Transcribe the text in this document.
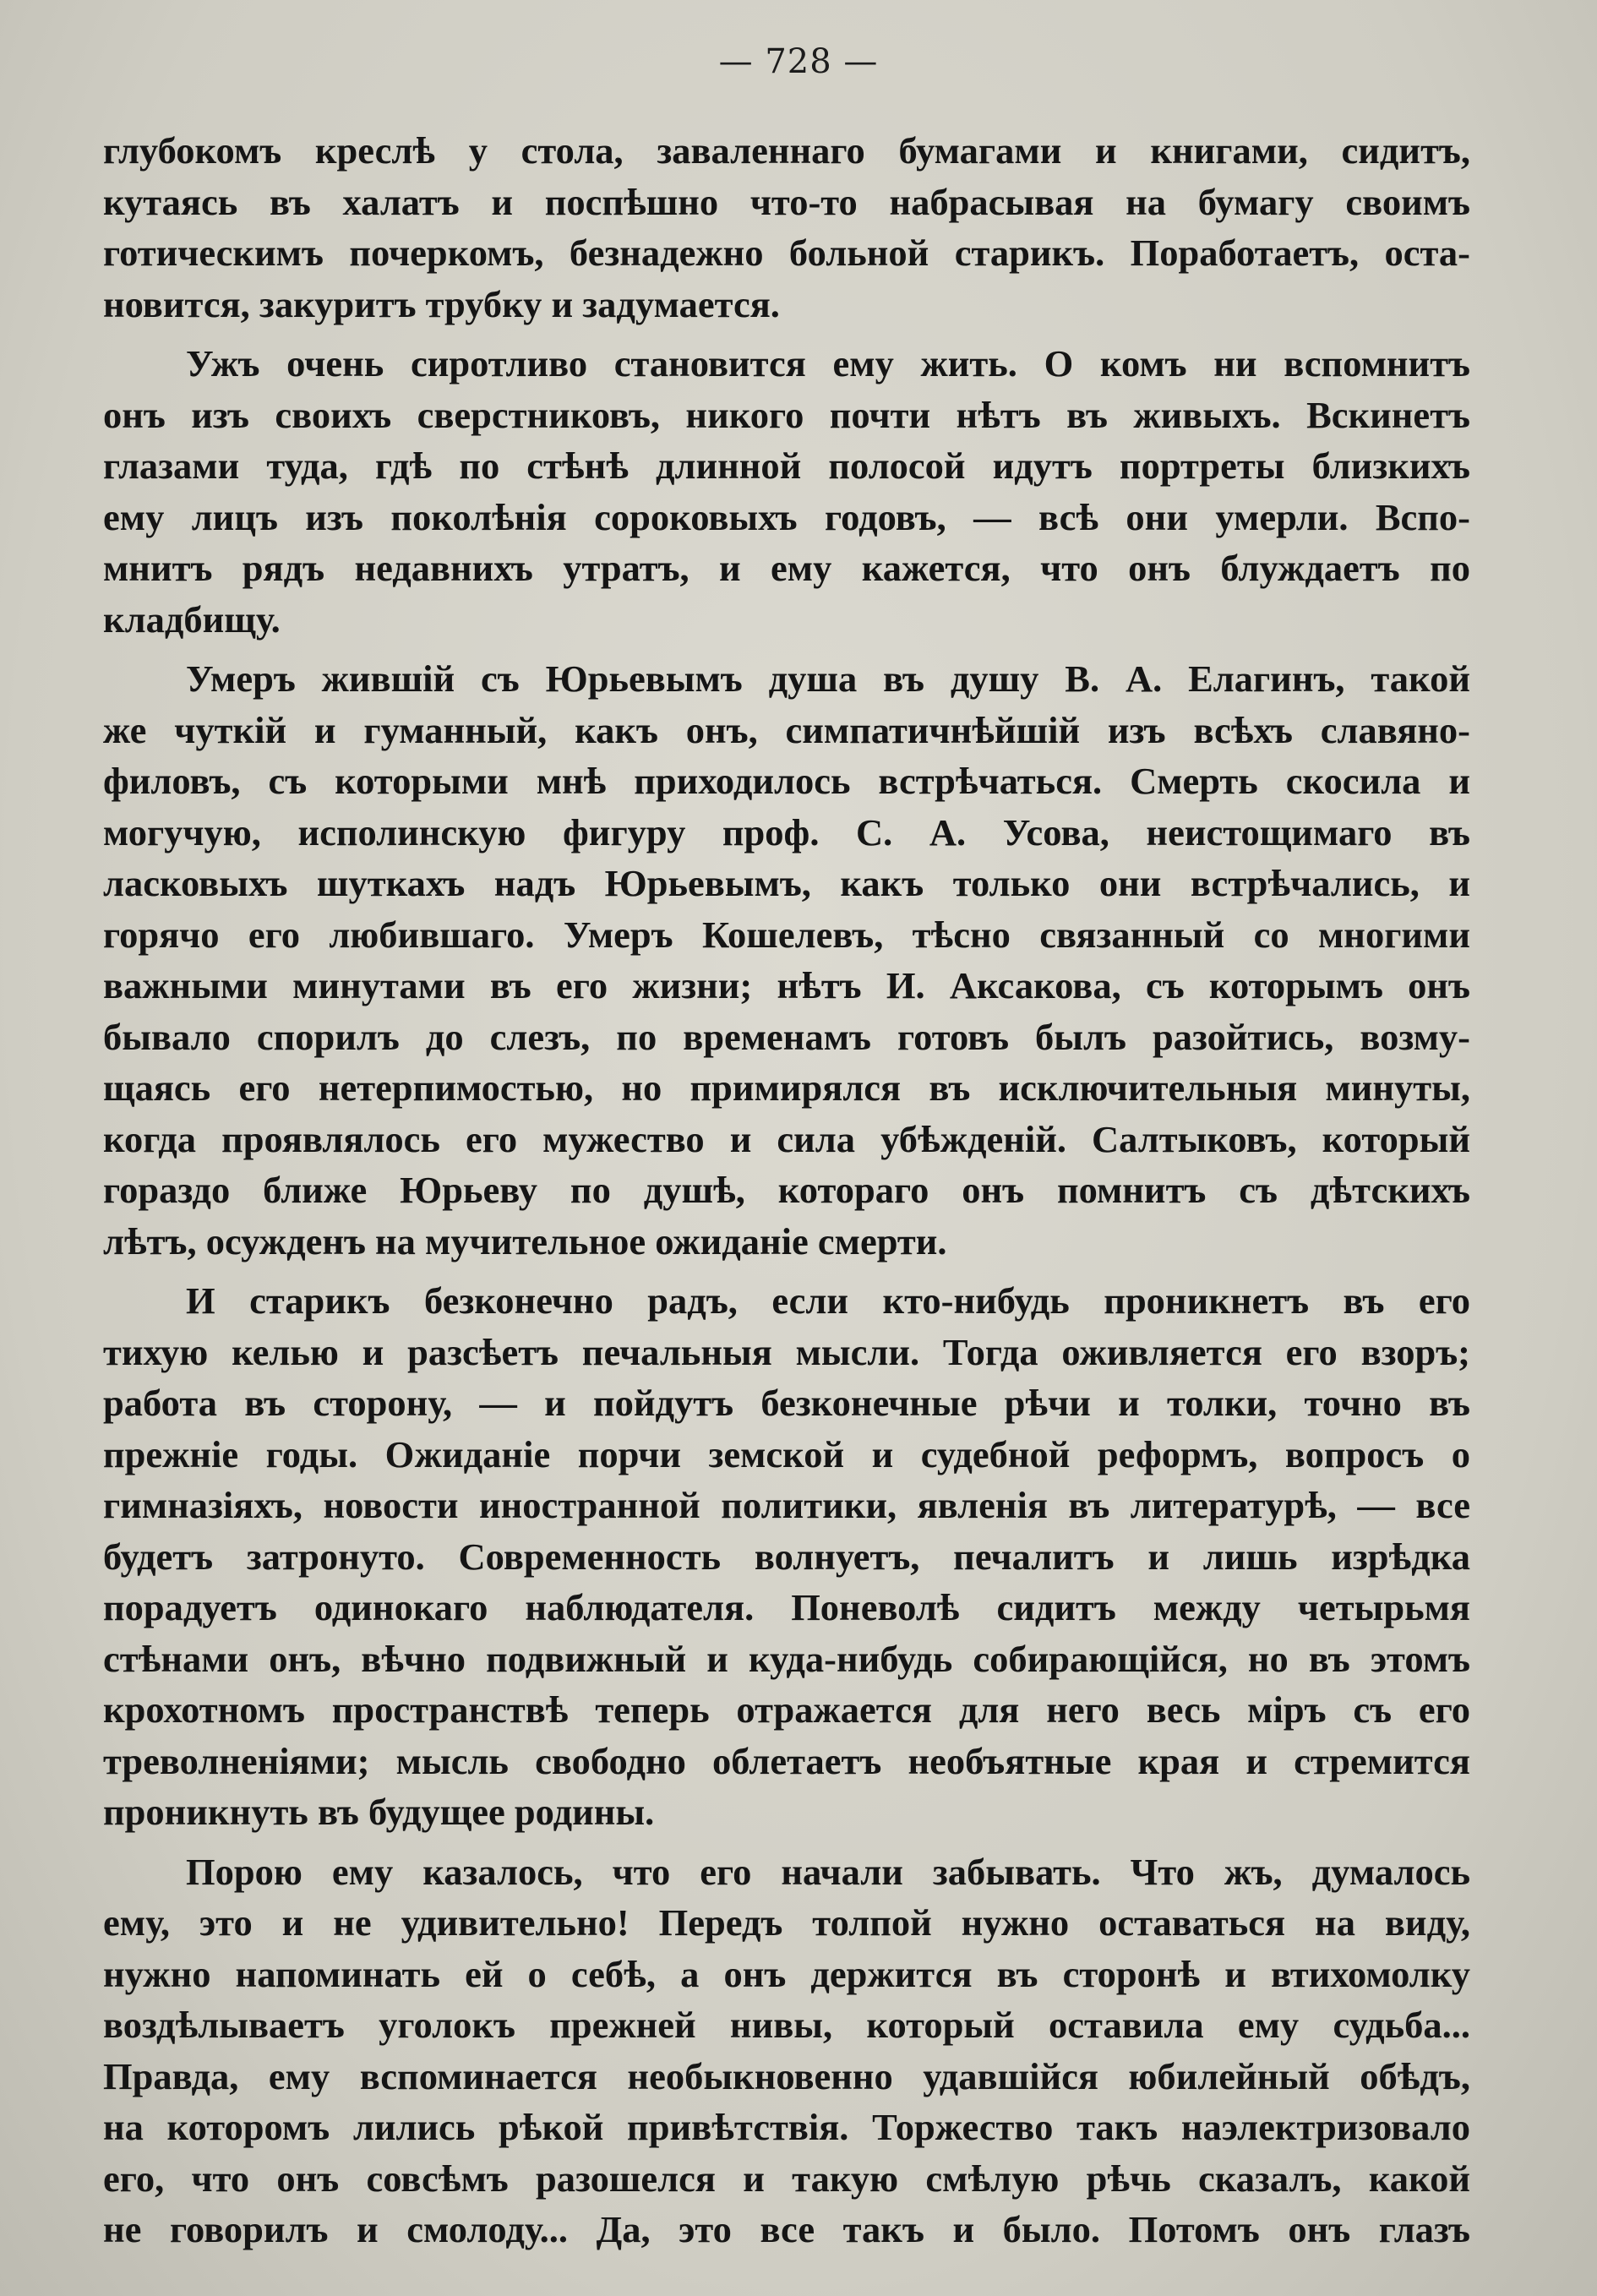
— 728 —
глубокомъ креслѣ у стола, заваленнаго бумагами и книгами, сидитъ,
кутаясь въ халатъ и поспѣшно что-то набрасывая на бумагу своимъ
готическимъ почеркомъ, безнадежно больной старикъ. Поработаетъ, оста-
новится, закуритъ трубку и задумается.
Ужъ очень сиротливо становится ему жить. О комъ ни вспомнитъ
онъ изъ своихъ сверстниковъ, никого почти нѣтъ въ живыхъ. Вскинетъ
глазами туда, гдѣ по стѣнѣ длинной полосой идутъ портреты близкихъ
ему лицъ изъ поколѣнія сороковыхъ годовъ, — всѣ они умерли. Вспо-
мнитъ рядъ недавнихъ утратъ, и ему кажется, что онъ блуждаетъ по
кладбищу.
Умеръ жившій съ Юрьевымъ душа въ душу В. А. Елагинъ, такой
же чуткій и гуманный, какъ онъ, симпатичнѣйшій изъ всѣхъ славяно-
филовъ, съ которыми мнѣ приходилось встрѣчаться. Смерть скосила и
могучую, исполинскую фигуру проф. С. А. Усова, неистощимаго въ
ласковыхъ шуткахъ надъ Юрьевымъ, какъ только они встрѣчались, и
горячо его любившаго. Умеръ Кошелевъ, тѣсно связанный со многими
важными минутами въ его жизни; нѣтъ И. Аксакова, съ которымъ онъ
бывало спорилъ до слезъ, по временамъ готовъ былъ разойтись, возму-
щаясь его нетерпимостью, но примирялся въ исключительныя минуты,
когда проявлялось его мужество и сила убѣжденій. Салтыковъ, который
гораздо ближе Юрьеву по душѣ, котораго онъ помнитъ съ дѣтскихъ
лѣтъ, осужденъ на мучительное ожиданіе смерти.
И старикъ безконечно радъ, если кто-нибудь проникнетъ въ его
тихую келью и разсѣетъ печальныя мысли. Тогда оживляется его взоръ;
работа въ сторону, — и пойдутъ безконечные рѣчи и толки, точно въ
прежніе годы. Ожиданіе порчи земской и судебной реформъ, вопросъ о
гимназіяхъ, новости иностранной политики, явленія въ литературѣ, — все
будетъ затронуто. Современность волнуетъ, печалитъ и лишь изрѣдка
порадуетъ одинокаго наблюдателя. Поневолѣ сидитъ между четырьмя
стѣнами онъ, вѣчно подвижный и куда-нибудь собирающійся, но въ этомъ
крохотномъ пространствѣ теперь отражается для него весь міръ съ его
треволненіями; мысль свободно облетаетъ необъятные края и стремится
проникнуть въ будущее родины.
Порою ему казалось, что его начали забывать. Что жъ, думалось
ему, это и не удивительно! Передъ толпой нужно оставаться на виду,
нужно напоминать ей о себѣ, а онъ держится въ сторонѣ и втихомолку
воздѣлываетъ уголокъ прежней нивы, который оставила ему судьба...
Правда, ему вспоминается необыкновенно удавшійся юбилейный обѣдъ,
на которомъ лились рѣкой привѣтствія. Торжество такъ наэлектризовало
его, что онъ совсѣмъ разошелся и такую смѣлую рѣчь сказалъ, какой
не говорилъ и смолоду... Да, это все такъ и было. Потомъ онъ глазъ
